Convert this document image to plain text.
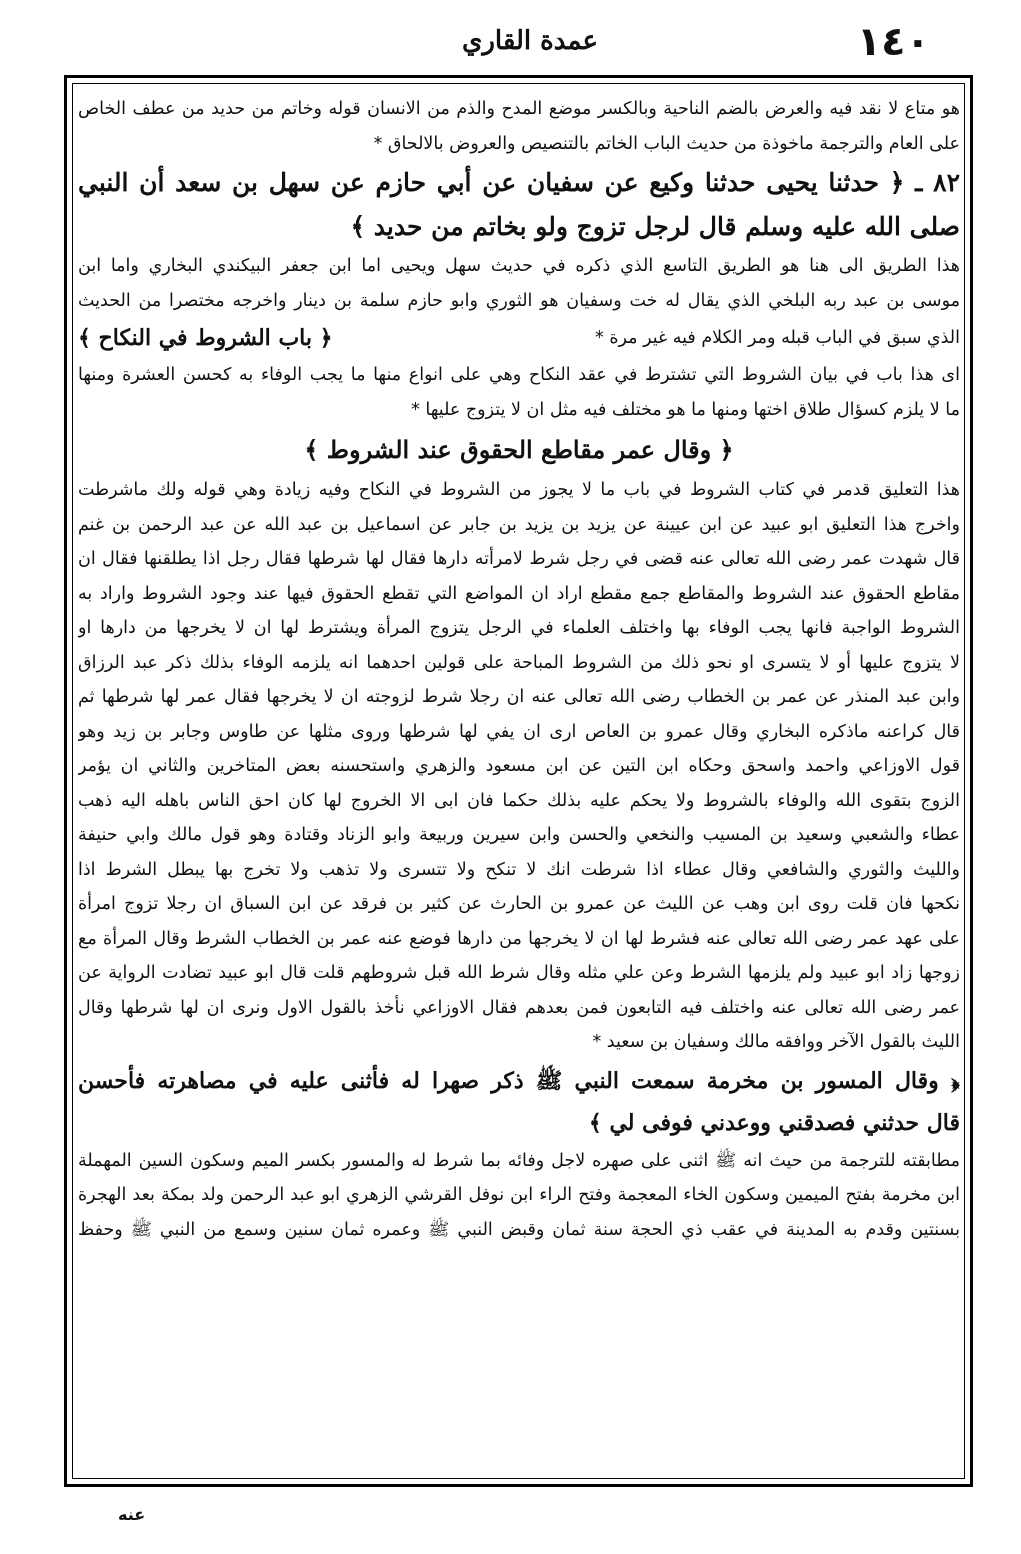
١٤٠
عمدة القاري
هو متاع لا نقد فيه والعرض بالضم الناحية وبالكسر موضع المدح والذم من الانسان قوله وخاتم من حديد من عطف الخاص
على العام والترجمة ماخوذة من حديث الباب الخاتم بالتنصيص والعروض بالالحاق *
٨٢ ـ ﴿ حدثنا يحيى حدثنا وكيع عن سفيان عن أبي حازم عن سهل بن سعد أن النبي
صلى الله عليه وسلم قال لرجل تزوج ولو بخاتم من حديد ﴾
هذا الطريق الى هنا هو الطريق التاسع الذي ذكره في حديث سهل ويحيى اما ابن جعفر البيكندي البخاري واما ابن
موسى بن عبد ربه البلخي الذي يقال له خت وسفيان هو الثوري وابو حازم سلمة بن دينار واخرجه مختصرا من الحديث
الذي سبق في الباب قبله ومر الكلام فيه غير مرة *
﴿ باب الشروط في النكاح ﴾
اى هذا باب في بيان الشروط التي تشترط في عقد النكاح وهي على انواع منها ما يجب الوفاء به كحسن العشرة ومنها
ما لا يلزم كسؤال طلاق اختها ومنها ما هو مختلف فيه مثل ان لا يتزوج عليها *
﴿ وقال عمر مقاطع الحقوق عند الشروط ﴾
هذا التعليق قدمر في كتاب الشروط في باب ما لا يجوز من الشروط في النكاح وفيه زيادة وهي قوله ولك ماشرطت
واخرج هذا التعليق ابو عبيد عن ابن عيينة عن يزيد بن يزيد بن جابر عن اسماعيل بن عبد الله عن عبد الرحمن بن غنم
قال شهدت عمر رضى الله تعالى عنه قضى في رجل شرط لامرأته دارها فقال لها شرطها فقال رجل اذا يطلقنها فقال ان
مقاطع الحقوق عند الشروط والمقاطع جمع مقطع اراد ان المواضع التي تقطع الحقوق فيها عند وجود الشروط واراد به
الشروط الواجبة فانها يجب الوفاء بها واختلف العلماء في الرجل يتزوج المرأة ويشترط لها ان لا يخرجها من دارها او
لا يتزوج عليها أو لا يتسرى او نحو ذلك من الشروط المباحة على قولين احدهما انه يلزمه الوفاء بذلك ذكر عبد الرزاق
وابن عبد المنذر عن عمر بن الخطاب رضى الله تعالى عنه ان رجلا شرط لزوجته ان لا يخرجها فقال عمر لها شرطها ثم
قال كراعنه ماذكره البخاري وقال عمرو بن العاص ارى ان يفي لها شرطها وروى مثلها عن طاوس وجابر بن زيد وهو
قول الاوزاعي واحمد واسحق وحكاه ابن التين عن ابن مسعود والزهري واستحسنه بعض المتاخرين والثاني ان يؤمر
الزوج بتقوى الله والوفاء بالشروط ولا يحكم عليه بذلك حكما فان ابى الا الخروج لها كان احق الناس باهله اليه ذهب
عطاء والشعبي وسعيد بن المسيب والنخعي والحسن وابن سيرين وربيعة وابو الزناد وقتادة وهو قول مالك وابي حنيفة
والليث والثوري والشافعي وقال عطاء اذا شرطت انك لا تنكح ولا تتسرى ولا تذهب ولا تخرج بها يبطل الشرط اذا
نكحها فان قلت روى ابن وهب عن الليث عن عمرو بن الحارث عن كثير بن فرقد عن ابن السباق ان رجلا تزوج امرأة
على عهد عمر رضى الله تعالى عنه فشرط لها ان لا يخرجها من دارها فوضع عنه عمر بن الخطاب الشرط وقال المرأة مع
زوجها زاد ابو عبيد ولم يلزمها الشرط وعن علي مثله وقال شرط الله قبل شروطهم قلت قال ابو عبيد تضادت الرواية عن
عمر رضى الله تعالى عنه واختلف فيه التابعون فمن بعدهم فقال الاوزاعي نأخذ بالقول الاول ونرى ان لها شرطها وقال
الليث بالقول الآخر ووافقه مالك وسفيان بن سعيد *
﴿ وقال المسور بن مخرمة سمعت النبي ﷺ ذكر صهرا له فأثنى عليه في مصاهرته فأحسن
قال حدثني فصدقني ووعدني فوفى لي ﴾
مطابقته للترجمة من حيث انه ﷺ اثنى على صهره لاجل وفائه بما شرط له والمسور بكسر الميم وسكون السين المهملة
ابن مخرمة بفتح الميمين وسكون الخاء المعجمة وفتح الراء ابن نوفل القرشي الزهري ابو عبد الرحمن ولد بمكة بعد الهجرة
بسنتين وقدم به المدينة في عقب ذي الحجة سنة ثمان وقبض النبي ﷺ وعمره ثمان سنين وسمع من النبي ﷺ وحفظ
عنه
